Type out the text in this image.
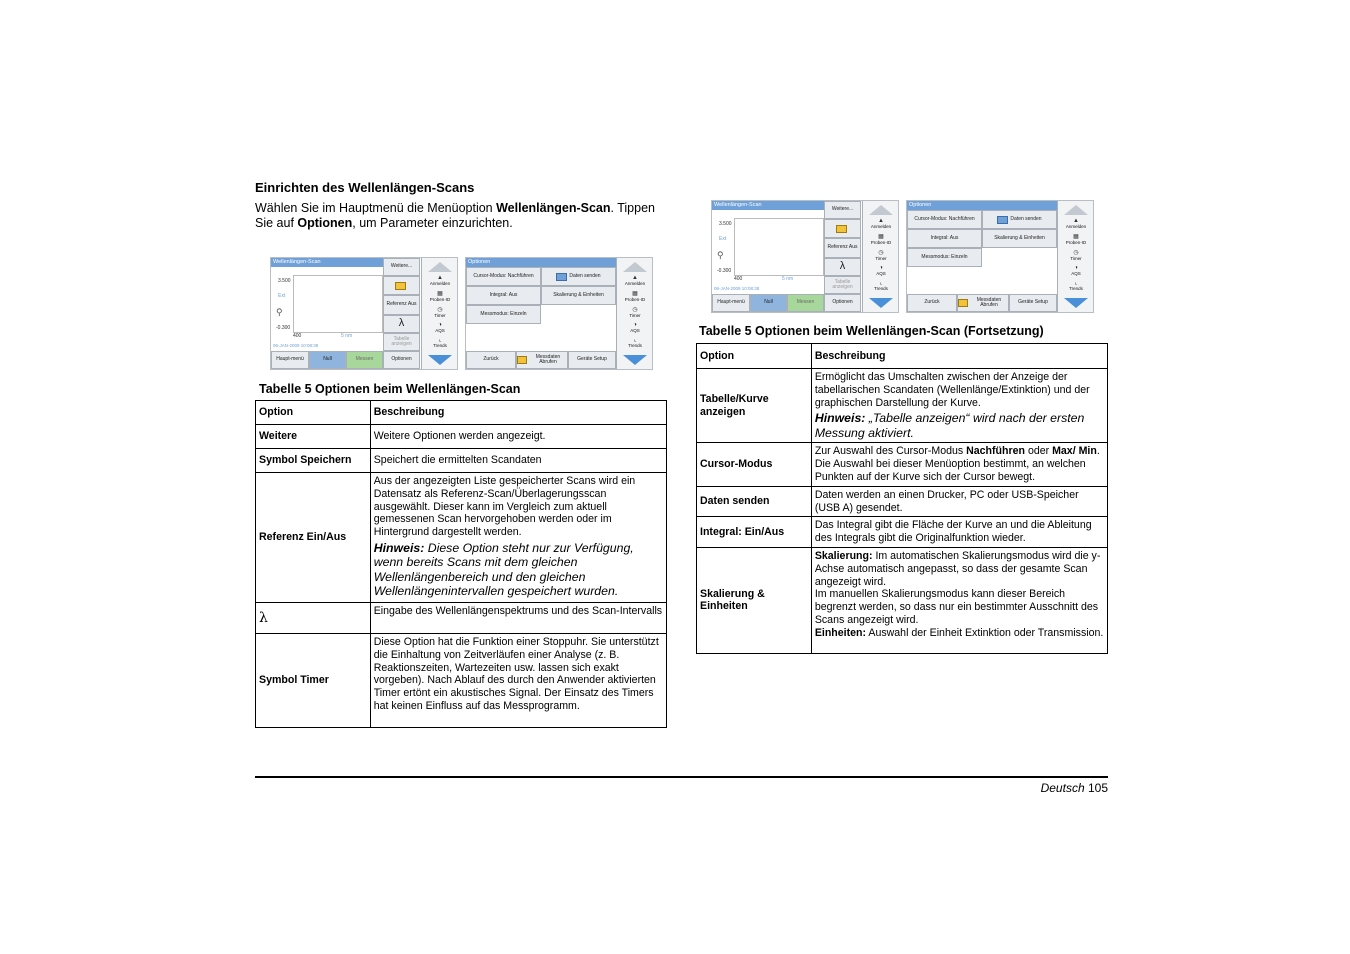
Einrichten des Wellenlängen-Scans

Wählen Sie im Hauptmenü die Menüoption Wellenlängen-Scan. Tippen Sie auf Optionen, um Parameter einzurichten.

Wellenlängen-Scan
3.500
Ext
⚲
-0.300
400	5 nm
06-JAN-2009 10:08:38
Weitere...
Referenz Aus
λ
Tabelle anzeigen
Haupt-menü	Null	Messen	Optionen
▲
Anmelden
▦
Proben-ID
◷
Timer
◑
AQS
⌞
Trends
Optionen
Cursor-Modus: Nachführen	Daten senden
Integral: Aus	Skalierung & Einheiten
Messmodus: Einzeln
Zurück	Messdaten Abrufen	Geräte Setup
▲
Anmelden
▦
Proben-ID
◷
Timer
◑
AQS
⌞
Trends
Wellenlängen-Scan
3.500
Ext
⚲
-0.300
400	5 nm
06-JAN-2009 10:08:38
Weitere...
Referenz Aus
λ
Tabelle anzeigen
Haupt-menü	Null	Messen	Optionen
▲
Anmelden
▦
Proben-ID
◷
Timer
◑
AQS
⌞
Trends
Optionen
Cursor-Modus: Nachführen	Daten senden
Integral: Aus	Skalierung & Einheiten
Messmodus: Einzeln
Zurück	Messdaten Abrufen	Geräte Setup
▲
Anmelden
▦
Proben-ID
◷
Timer
◑
AQS
⌞
Trends

Tabelle 5 Optionen beim Wellenlängen-Scan

Option	Beschreibung
Weitere	Weitere Optionen werden angezeigt.
Symbol Speichern	Speichert die ermittelten Scandaten
Referenz Ein/Aus	Aus der angezeigten Liste gespeicherter Scans wird ein Datensatz als Referenz-Scan/Überlagerungsscan ausgewählt. Dieser kann im Vergleich zum aktuell gemessenen Scan hervorgehoben werden oder im Hintergrund dargestellt werden.
Hinweis: Diese Option steht nur zur Verfügung, wenn bereits Scans mit dem gleichen Wellenlängenbereich und den gleichen Wellenlängenintervallen gespeichert wurden.

λ	Eingabe des Wellenlängenspektrums und des Scan-Intervalls
Symbol Timer	Diese Option hat die Funktion einer Stoppuhr. Sie unterstützt die Einhaltung von Zeitverläufen einer Analyse (z. B. Reaktionszeiten, Wartezeiten usw. lassen sich exakt vorgeben). Nach Ablauf des durch den Anwender aktivierten Timer ertönt ein akustisches Signal. Der Einsatz des Timers hat keinen Einfluss auf das Messprogramm.

Tabelle 5 Optionen beim Wellenlängen-Scan (Fortsetzung)

Option	Beschreibung
Tabelle/Kurve anzeigen	Ermöglicht das Umschalten zwischen der Anzeige der tabellarischen Scandaten (Wellenlänge/Extinktion) und der graphischen Darstellung der Kurve.
Hinweis: „Tabelle anzeigen“ wird nach der ersten Messung aktiviert.

Cursor-Modus	Zur Auswahl des Cursor-Modus Nachführen oder Max/ Min. Die Auswahl bei dieser Menüoption bestimmt, an welchen Punkten auf der Kurve sich der Cursor bewegt.
Daten senden	Daten werden an einen Drucker, PC oder USB-Speicher (USB A) gesendet.
Integral: Ein/Aus	Das Integral gibt die Fläche der Kurve an und die Ableitung des Integrals gibt die Originalfunktion wieder.
Skalierung & Einheiten	Skalierung: Im automatischen Skalierungsmodus wird die y-Achse automatisch angepasst, so dass der gesamte Scan angezeigt wird.
Im manuellen Skalierungsmodus kann dieser Bereich begrenzt werden, so dass nur ein bestimmter Ausschnitt des Scans angezeigt wird.
Einheiten: Auswahl der Einheit Extinktion oder Transmission.
Deutsch 105
